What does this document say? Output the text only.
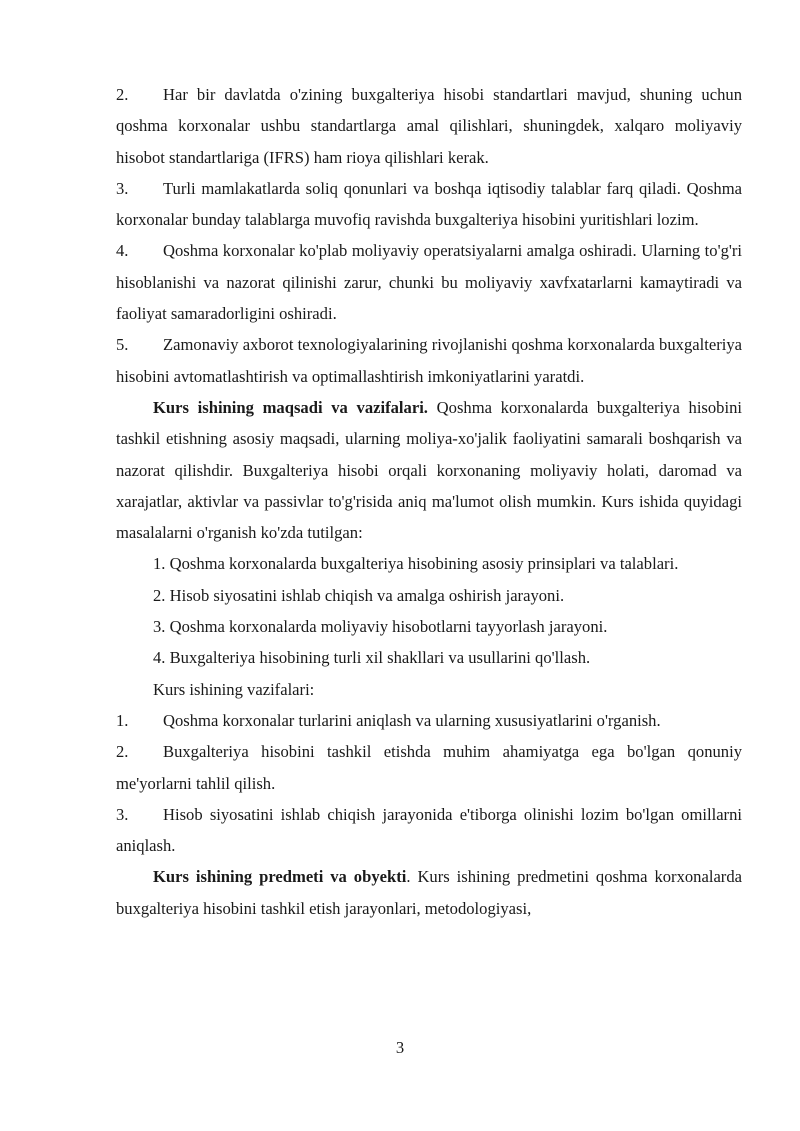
2. Har bir davlatda o'zining buxgalteriya hisobi standartlari mavjud, shuning uchun qoshma korxonalar ushbu standartlarga amal qilishlari, shuningdek, xalqaro moliyaviy hisobot standartlariga (IFRS) ham rioya qilishlari kerak.

3. Turli mamlakatlarda soliq qonunlari va boshqa iqtisodiy talablar farq qiladi. Qoshma korxonalar bunday talablarga muvofiq ravishda buxgalteriya hisobini yuritishlari lozim.

4. Qoshma korxonalar ko'plab moliyaviy operatsiyalarni amalga oshiradi. Ularning to'g'ri hisoblanishi va nazorat qilinishi zarur, chunki bu moliyaviy xavfxatarlarni kamaytiradi va faoliyat samaradorligini oshiradi.

5. Zamonaviy axborot texnologiyalarining rivojlanishi qoshma korxonalarda buxgalteriya hisobini avtomatlashtirish va optimallashtirish imkoniyatlarini yaratdi.

Kurs ishining maqsadi va vazifalari. Qoshma korxonalarda buxgalteriya hisobini tashkil etishning asosiy maqsadi, ularning moliya-xo'jalik faoliyatini samarali boshqarish va nazorat qilishdir. Buxgalteriya hisobi orqali korxonaning moliyaviy holati, daromad va xarajatlar, aktivlar va passivlar to'g'risida aniq ma'lumot olish mumkin. Kurs ishida quyidagi masalalarni o'rganish ko'zda tutilgan:

1. Qoshma korxonalarda buxgalteriya hisobining asosiy prinsiplari va talablari.

2. Hisob siyosatini ishlab chiqish va amalga oshirish jarayoni.

3. Qoshma korxonalarda moliyaviy hisobotlarni tayyorlash jarayoni.

4. Buxgalteriya hisobining turli xil shakllari va usullarini qo'llash.

Kurs ishining vazifalari:

1. Qoshma korxonalar turlarini aniqlash va ularning xususiyatlarini o'rganish.

2. Buxgalteriya hisobini tashkil etishda muhim ahamiyatga ega bo'lgan qonuniy me'yorlarni tahlil qilish.

3. Hisob siyosatini ishlab chiqish jarayonida e'tiborga olinishi lozim bo'lgan omillarni aniqlash.

Kurs ishining predmeti va obyekti. Kurs ishining predmetini qoshma korxonalarda buxgalteriya hisobini tashkil etish jarayonlari, metodologiyasi,

3
